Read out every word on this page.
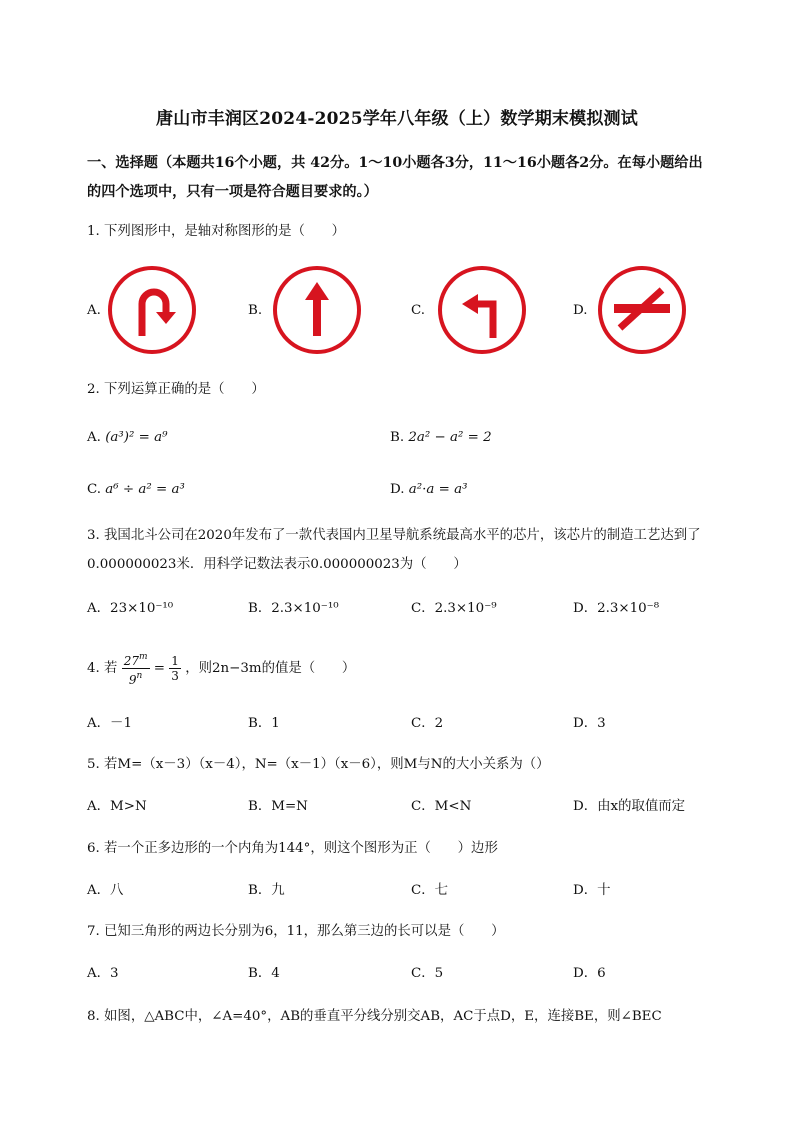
唐山市丰润区2024-2025学年八年级（上）数学期末模拟测试
一、选择题（本题共16个小题，共 42分。1～10小题各3分，11～16小题各2分。在每小题给出的四个选项中，只有一项是符合题目要求的。）
1. 下列图形中，是轴对称图形的是（　　）
A.	B.	C.	D.
2. 下列运算正确的是（　　）
A. (a³)² = a⁹	B. 2a² − a² = 2
C. a⁶ ÷ a² = a³	D. a²·a = a³
3. 我国北斗公司在2020年发布了一款代表国内卫星导航系统最高水平的芯片，该芯片的制造工艺达到了0.000000023米．用科学记数法表示0.000000023为（　　）
A．23×10⁻¹⁰	B．2.3×10⁻¹⁰	C．2.3×10⁻⁹	D．2.3×10⁻⁸
4. 若 $\frac{27^m}{9^n} = \frac{1}{3}$ ，则2n−3m的值是（　　）
A．－1	B．1	C．2	D．3
5. 若M=（x－3）（x－4），N=（x－1）（x－6），则M与N的大小关系为（）
A．M>N	B．M=N	C．M<N	D．由x的取值而定
6. 若一个正多边形的一个内角为144°，则这个图形为正（　　）边形
A．八	B．九	C．七	D．十
7. 已知三角形的两边长分别为6，11，那么第三边的长可以是（　　）
A．3	B．4	C．5	D．6
8. 如图，△ABC中，∠A=40°，AB的垂直平分线分别交AB，AC于点D，E，连接BE，则∠BEC
